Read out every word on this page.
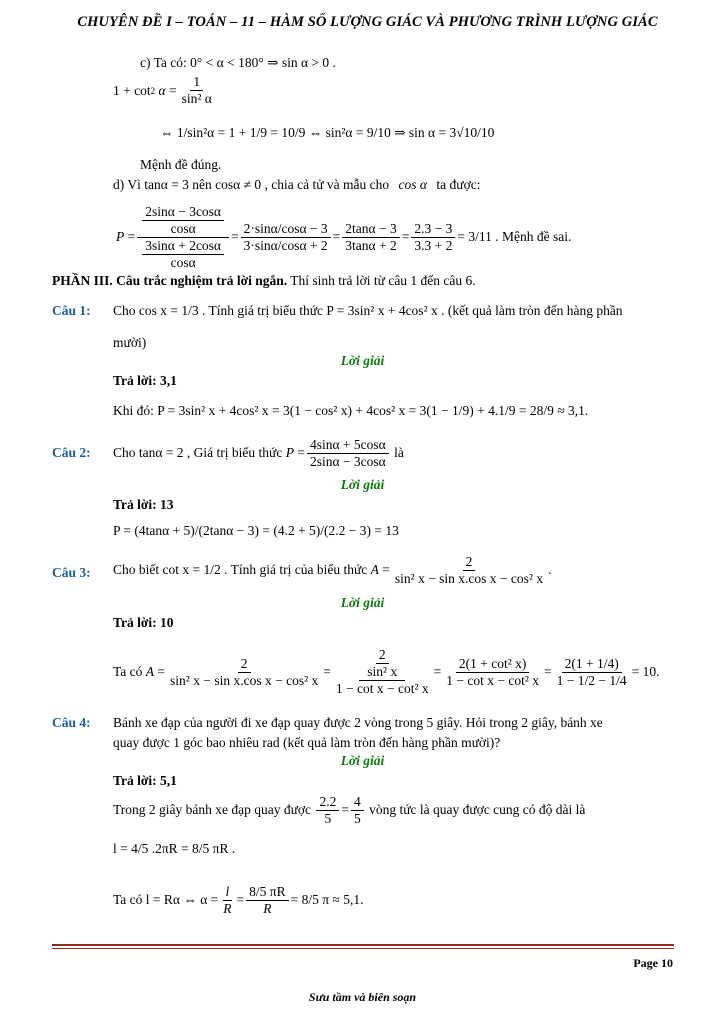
CHUYÊN ĐỀ I – TOÁN – 11 – HÀM SỐ LƯỢNG GIÁC VÀ PHƯƠNG TRÌNH LƯỢNG GIÁC
c) Ta có: 0° < α < 180° ⇒ sin α > 0 .
1 + cot 2
$\alpha = \frac{1}{\text{sin² α}}$
⇔ 1/sin²α = 1 + 1/9 = 10/9 ⇔ sin²α = 9/10 ⇒ sin α = 3√10/10
Mệnh đề đúng.
d) Vì tanα = 3 nên cosα ≠ 0 , chia cả tử và mẫu cho cos α ta được:
$P = \frac{\frac{2\sin\alpha - 3\cos\alpha}{\cos\alpha}}{\frac{3\sin\alpha + 2\cos\alpha}{\cos\alpha}} = \frac{2\cdot\sin\alpha/\cos\alpha - 3}{3\cdot\sin\alpha/\cos\alpha + 2} = \frac{2\tan\alpha - 3}{3\tan\alpha + 2} = \frac{2.3 - 3}{3.3 + 2} = 3/11$ . Mệnh đề sai.
PHẦN III. Câu trắc nghiệm trả lời ngắn. Thí sinh trả lời từ câu 1 đến câu 6.
Câu 1: Cho cos x = 1/3 . Tính giá trị biểu thức P = 3sin² x + 4cos² x . (kết quả làm tròn đến hàng phần
mười)
Lời giải
Trả lời: 3,1
Khi đó: P = 3sin² x + 4cos² x = 3(1 − cos² x) + 4cos² x = 3(1 − 1/9) + 4.1/9 = 28/9 ≈ 3,1.
Câu 2: Cho tanα = 2 , Giá trị biểu thức
$P = \frac{4\sin\alpha + 5\cos\alpha}{2\sin\alpha - 3\cos\alpha}$
là
Lời giải
Trả lời: 13
P = (4tanα + 5)/(2tanα − 3) = (4.2 + 5)/(2.2 − 3) = 13
Câu 3: Cho biết cot x = 1/2 . Tính giá trị của biểu thức
$A = \frac{2}{\text{sin² x − sin x.cos x − cos² x}}$ .
Lời giải
Trả lời: 10
Ta có
$A = \frac{2}{\text{sin² x − sin x.cos x − cos² x}} = \frac{\frac{2}{\text{sin² x}}}{\text{1 − cot x − cot² x}} = \frac{\text{2(1 + cot² x)}}{\text{1 − cot x − cot² x}} = \frac{2(1 + 1/4)}{1 - 1/2 - 1/4} = 10$.
Câu 4: Bánh xe đạp của người đi xe đạp quay được 2 vòng trong 5 giây. Hỏi trong 2 giây, bánh xe
quay được 1 góc bao nhiêu rad (kết quả làm tròn đến hàng phần mười)?
Lời giải
Trả lời: 5,1
Trong 2 giây bánh xe đạp quay được
$\frac{2.2}{5} = \frac{4}{5}$
vòng tức là quay được cung có độ dài là
l = 4/5 .2πR = 8/5 πR .
Ta có l = Rα ⇔ $\alpha = \frac{l}{R} = \frac{8/5 \pi R}{R} = 8/5$ π ≈ 5,1.
Page 10
Sưu tầm và biên soạn
